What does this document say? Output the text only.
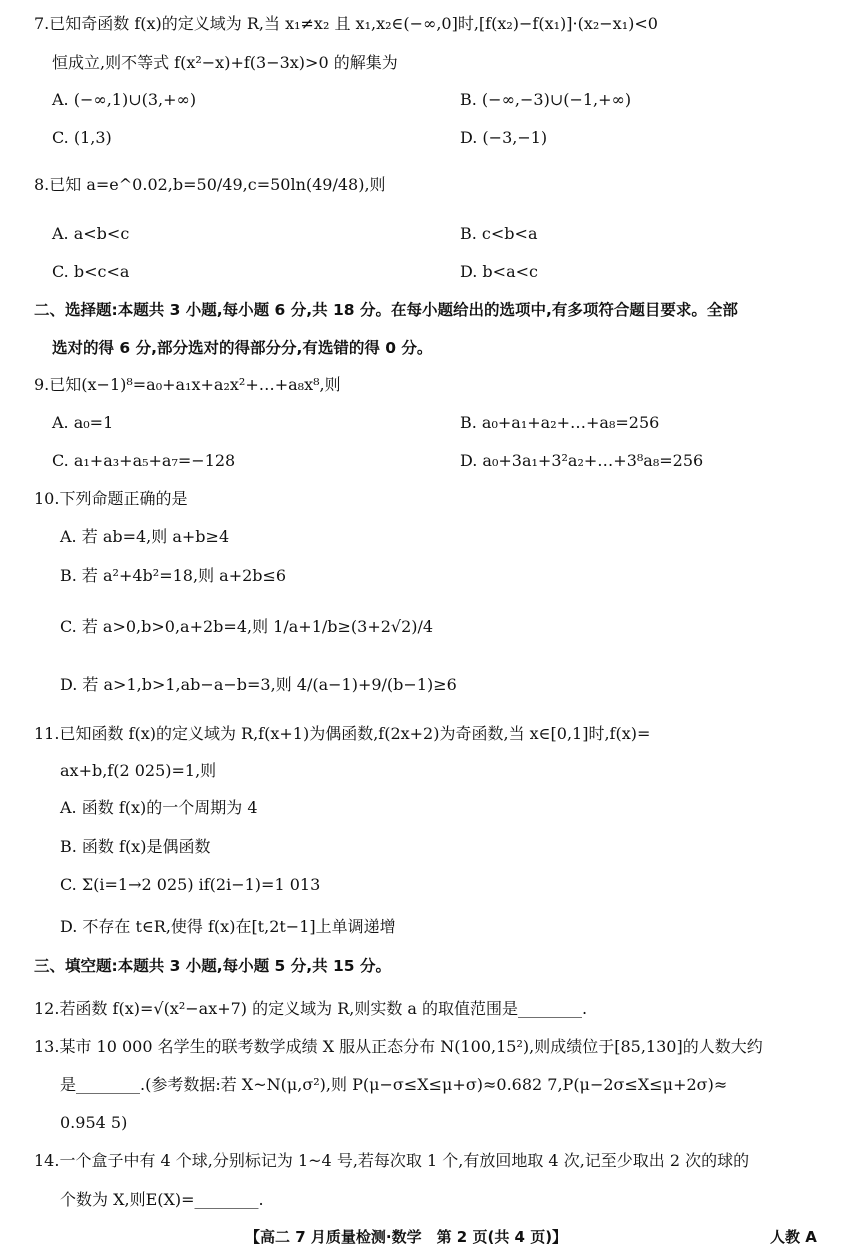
7.已知奇函数 f(x)的定义域为 R,当 x₁≠x₂ 且 x₁,x₂∈(−∞,0]时,[f(x₂)−f(x₁)]·(x₂−x₁)<0
恒成立,则不等式 f(x²−x)+f(3−3x)>0 的解集为
A. (−∞,1)∪(3,+∞)	B. (−∞,−3)∪(−1,+∞)
C. (1,3)	D. (−3,−1)
8.已知 a=e^0.02,b=50/49,c=50ln(49/48),则
A. a<b<c	B. c<b<a
C. b<c<a	D. b<a<c
二、选择题:本题共 3 小题,每小题 6 分,共 18 分。在每小题给出的选项中,有多项符合题目要求。全部
选对的得 6 分,部分选对的得部分分,有选错的得 0 分。
9.已知(x−1)⁸=a₀+a₁x+a₂x²+…+a₈x⁸,则
A. a₀=1	B. a₀+a₁+a₂+…+a₈=256
C. a₁+a₃+a₅+a₇=−128	D. a₀+3a₁+3²a₂+…+3⁸a₈=256
10.下列命题正确的是
A. 若 ab=4,则 a+b≥4
B. 若 a²+4b²=18,则 a+2b≤6
C. 若 a>0,b>0,a+2b=4,则 1/a+1/b≥(3+2√2)/4
D. 若 a>1,b>1,ab−a−b=3,则 4/(a−1)+9/(b−1)≥6
11.已知函数 f(x)的定义域为 R,f(x+1)为偶函数,f(2x+2)为奇函数,当 x∈[0,1]时,f(x)=
ax+b,f(2 025)=1,则
A. 函数 f(x)的一个周期为 4
B. 函数 f(x)是偶函数
C. Σ(i=1→2 025) if(2i−1)=1 013
D. 不存在 t∈R,使得 f(x)在[t,2t−1]上单调递增
三、填空题:本题共 3 小题,每小题 5 分,共 15 分。
12.若函数 f(x)=√(x²−ax+7) 的定义域为 R,则实数 a 的取值范围是________.
13.某市 10 000 名学生的联考数学成绩 X 服从正态分布 N(100,15²),则成绩位于[85,130]的人数大约
是________.(参考数据:若 X~N(μ,σ²),则 P(μ−σ≤X≤μ+σ)≈0.682 7,P(μ−2σ≤X≤μ+2σ)≈
0.954 5)
14.一个盒子中有 4 个球,分别标记为 1~4 号,若每次取 1 个,有放回地取 4 次,记至少取出 2 次的球的
个数为 X,则E(X)=________.
【高二 7 月质量检测·数学　第 2 页(共 4 页)】	人教 A
